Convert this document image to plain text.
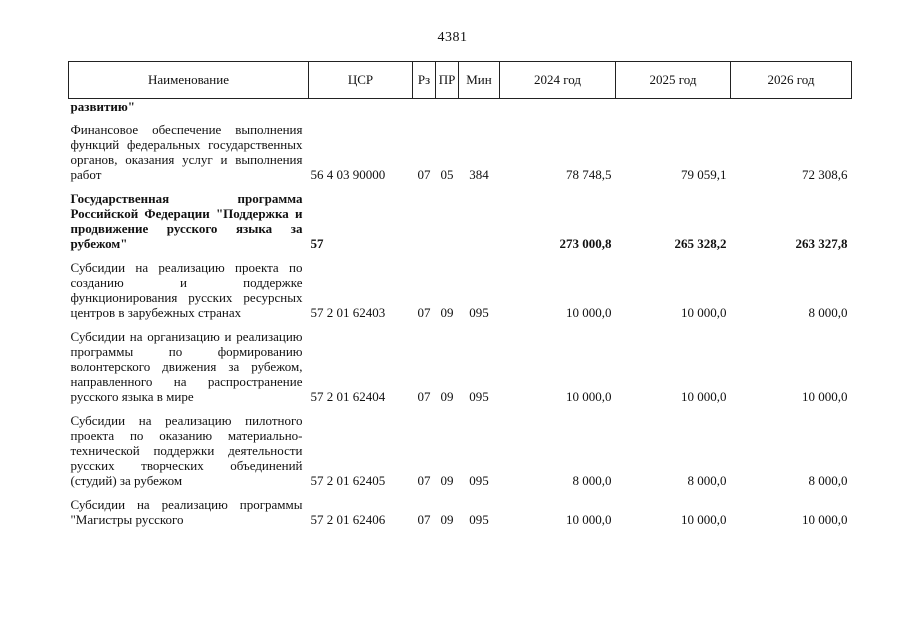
4381
Наименование	ЦСР	Рз	ПР	Мин	2024 год	2025 год	2026 год
развитию"							
Финансовое обеспечение выполнения функций федеральных государственных органов, оказания услуг и выполнения работ	56 4 03 90000	07	05	384	78 748,5	79 059,1	72 308,6
Государственная программа Российской Федерации "Поддержка и продвижение русского языка за рубежом"	57				273 000,8	265 328,2	263 327,8
Субсидии на реализацию проекта по созданию и поддержке функционирования русских ресурсных центров в зарубежных странах	57 2 01 62403	07	09	095	10 000,0	10 000,0	8 000,0
Субсидии на организацию и реализацию программы по формированию волонтерского движения за рубежом, направленного на распространение русского языка в мире	57 2 01 62404	07	09	095	10 000,0	10 000,0	10 000,0
Субсидии на реализацию пилотного проекта по оказанию материально-технической поддержки деятельности русских творческих объединений (студий) за рубежом	57 2 01 62405	07	09	095	8 000,0	8 000,0	8 000,0
Субсидии на реализацию программы "Магистры русского	57 2 01 62406	07	09	095	10 000,0	10 000,0	10 000,0
